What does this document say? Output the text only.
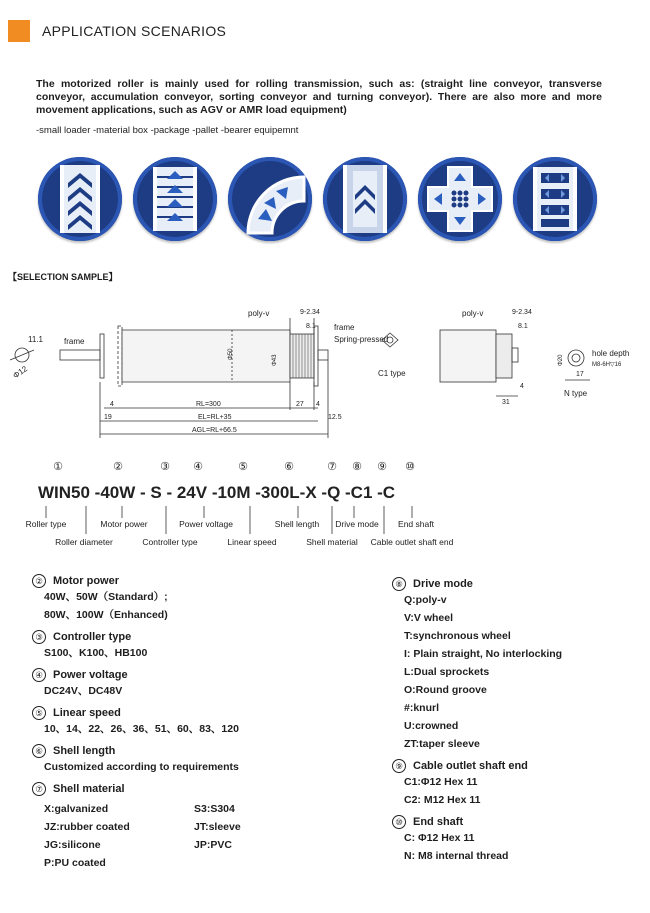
APPLICATION SCENARIOS
The motorized roller is mainly used for rolling transmission, such as: (straight line conveyor, transverse conveyor, accumulation conveyor, sorting conveyor and turning conveyor). There are also more and more movement applications, such as AGV or AMR load equipment)
-small loader -material box -package -pallet -bearer equipemnt
【SELECTION SAMPLE】
11.1
Φ12
frame
poly-v	9-2.34
8.1 frame
Spring-pressed
C1 type
Φ50
Φ43
4	RL=300	27 4
19	EL=RL+35	12.5
AGL=RL+66.5
poly-v	9-2.34
8.1
Φ20
hole depth
M8-6H▽16
4
17
31
N type
①	②	③ ④	⑤	⑥	⑦ ⑧ ⑨ ⑩
WIN50 -40W - S - 24V -10M -300L-X -Q -C1 -C
Roller type	Motor power	Power voltage	Shell length Drive mode End shaft
Roller diameter	Controller type	Linear speed	Shell material Cable outlet shaft end
② Motor power
40W、50W（Standard）;
80W、100W（Enhanced)
③ Controller type
S100、K100、HB100
④ Power voltage
DC24V、DC48V
⑤ Linear speed
10、14、22、26、36、51、60、83、120
⑥ Shell length
Customized according to requirements
⑦ Shell material
X:galvanized	S3:S304
JZ:rubber coated	JT:sleeve
JG:silicone	JP:PVC
P:PU coated
⑧ Drive mode
Q:poly-v
V:V wheel
T:synchronous wheel
I: Plain straight, No interlocking
L:Dual sprockets
O:Round groove
#:knurl
U:crowned
ZT:taper sleeve
⑨ Cable outlet shaft end
C1:Φ12 Hex 11
C2: M12 Hex 11
⑩ End shaft
C: Φ12 Hex 11
N: M8 internal thread
